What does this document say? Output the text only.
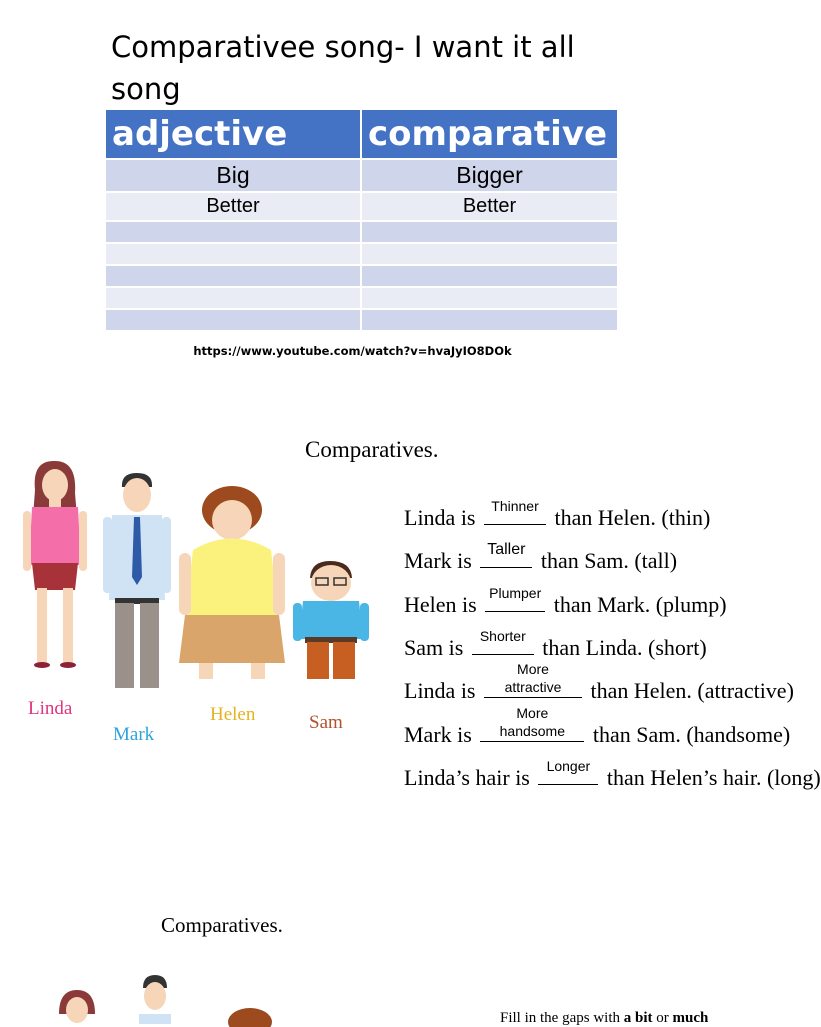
Comparativee song- I want it all song
adjective	comparative
Big	Bigger
Better	Better

https://www.youtube.com/watch?v=hvaJyIO8DOk
Comparatives.
Linda
Mark
Helen	Sam
Linda is	Thinner than Helen. (thin)
Mark is Taller than Sam. (tall)
Helen is Plumper than Mark. (plump)
Sam is	Shorter than Linda. (short)
Linda is
More
attractive	than Helen. (attractive)
Mark is
More
handsome	than Sam. (handsome)
Linda’s hair is	Longer than Helen’s hair. (long)
Comparatives.
Fill in the gaps with a bit or much
